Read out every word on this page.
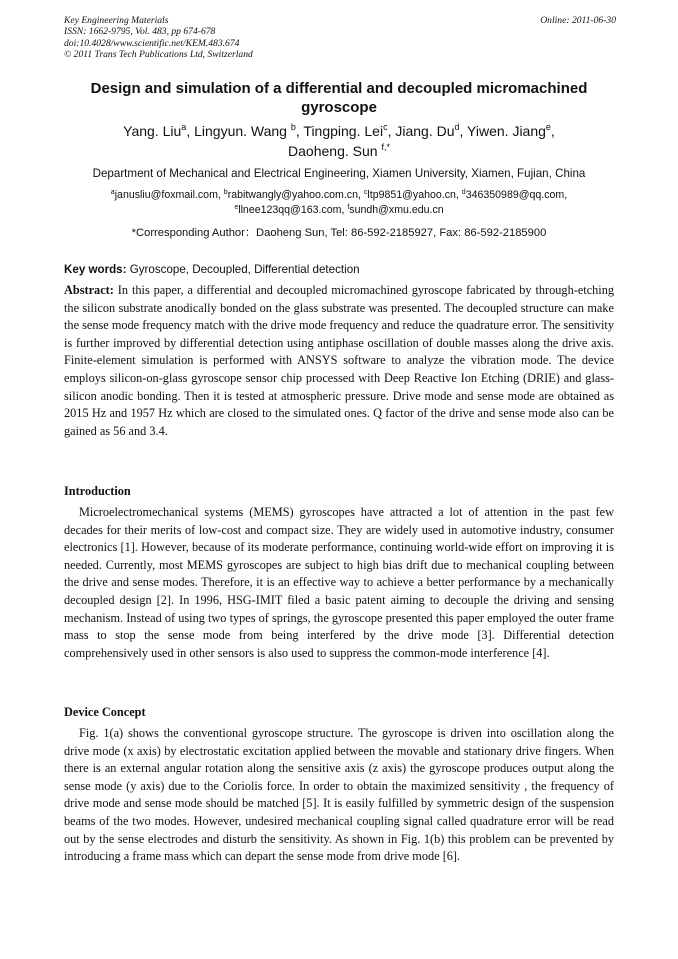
Key Engineering Materials
ISSN: 1662-9795, Vol. 483, pp 674-678
doi:10.4028/www.scientific.net/KEM.483.674
© 2011 Trans Tech Publications Ltd, Switzerland
Online: 2011-06-30
Design and simulation of a differential and decoupled micromachined gyroscope
Yang. Liu$^a$, Lingyun. Wang $^b$, Tingping. Lei$^c$, Jiang. Du$^d$, Yiwen. Jiang$^e$,
Daoheng. Sun $^{f,*}$
Department of Mechanical and Electrical Engineering, Xiamen University, Xiamen, Fujian, China
$^a$janusliu@foxmail.com, $^b$rabitwangly@yahoo.com.cn, $^c$ltp9851@yahoo.cn, $^d$346350989@qq.com,
$^e$llnee123qq@163.com, $^f$sundh@xmu.edu.cn
*Corresponding Author：Daoheng Sun, Tel: 86-592-2185927, Fax: 86-592-2185900
Key words: Gyroscope, Decoupled, Differential detection
Abstract: In this paper, a differential and decoupled micromachined gyroscope fabricated by through-etching the silicon substrate anodically bonded on the glass substrate was presented. The decoupled structure can make the sense mode frequency match with the drive mode frequency and reduce the quadrature error. The sensitivity is further improved by differential detection using antiphase oscillation of double masses along the drive axis. Finite-element simulation is performed with ANSYS software to analyze the vibration mode. The device employs silicon-on-glass gyroscope sensor chip processed with Deep Reactive Ion Etching (DRIE) and glass-silicon anodic bonding. Then it is tested at atmospheric pressure. Drive mode and sense mode are obtained as 2015 Hz and 1957 Hz which are closed to the simulated ones. Q factor of the drive and sense mode also can be gained as 56 and 3.4.
Introduction
Microelectromechanical systems (MEMS) gyroscopes have attracted a lot of attention in the past few decades for their merits of low-cost and compact size. They are widely used in automotive industry, consumer electronics [1]. However, because of its moderate performance, continuing world-wide effort on improving it is needed. Currently, most MEMS gyroscopes are subject to high bias drift due to mechanical coupling between the drive and sense modes. Therefore, it is an effective way to achieve a better performance by a mechanically decoupled design [2]. In 1996, HSG-IMIT filed a basic patent aiming to decouple the driving and sensing mechanism. Instead of using two types of springs, the gyroscope presented this paper employed the outer frame mass to stop the sense mode from being interfered by the drive mode [3]. Differential detection comprehensively used in other sensors is also used to suppress the common-mode interference [4].
Device Concept
Fig. 1(a) shows the conventional gyroscope structure. The gyroscope is driven into oscillation along the drive mode (x axis) by electrostatic excitation applied between the movable and stationary drive fingers. When there is an external angular rotation along the sensitive axis (z axis) the gyroscope produces output along the sense mode (y axis) due to the Coriolis force. In order to obtain the maximized sensitivity , the frequency of drive mode and sense mode should be matched [5]. It is easily fulfilled by symmetric design of the suspension beams of the two modes. However, undesired mechanical coupling signal called quadrature error will be read out by the sense electrodes and disturb the sensitivity. As shown in Fig. 1(b) this problem can be prevented by introducing a frame mass which can depart the sense mode from drive mode [6].
